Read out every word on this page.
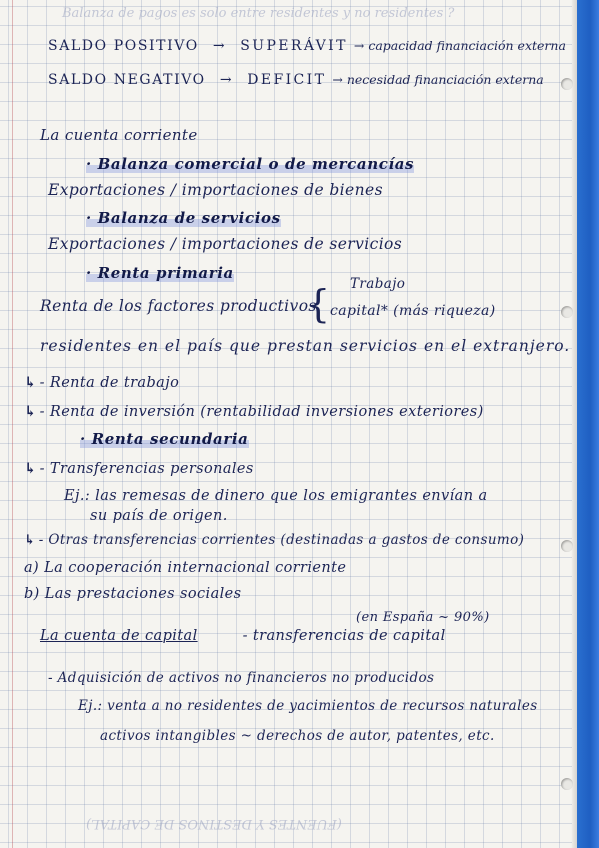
Balanza de pagos es solo entre residentes y no residentes ?
SALDO POSITIVO → SUPERÁVIT → capacidad financiación externa
SALDO NEGATIVO → DEFICIT → necesidad financiación externa
La cuenta corriente
· Balanza comercial o de mercancías
Exportaciones / importaciones de bienes
· Balanza de servicios
Exportaciones / importaciones de servicios
· Renta primaria
Renta de los factores productivos
{ Trabajo
capital* (más riqueza)
residentes en el país que prestan servicios en el extranjero.
↳ - Renta de trabajo
↳ - Renta de inversión (rentabilidad inversiones exteriores)
· Renta secundaria
↳ - Transferencias personales
Ej.: las remesas de dinero que los emigrantes envían a
su país de origen.
↳ - Otras transferencias corrientes (destinadas a gastos de consumo)
a) La cooperación internacional corriente
b) Las prestaciones sociales
(en España ~ 90%)
La cuenta de capital	- transferencias de capital
- Adquisición de activos no financieros no producidos
Ej.: venta a no residentes de yacimientos de recursos naturales
activos intangibles ~ derechos de autor, patentes, etc.
(FUENTES Y DESTINOS DE CAPITAL)
